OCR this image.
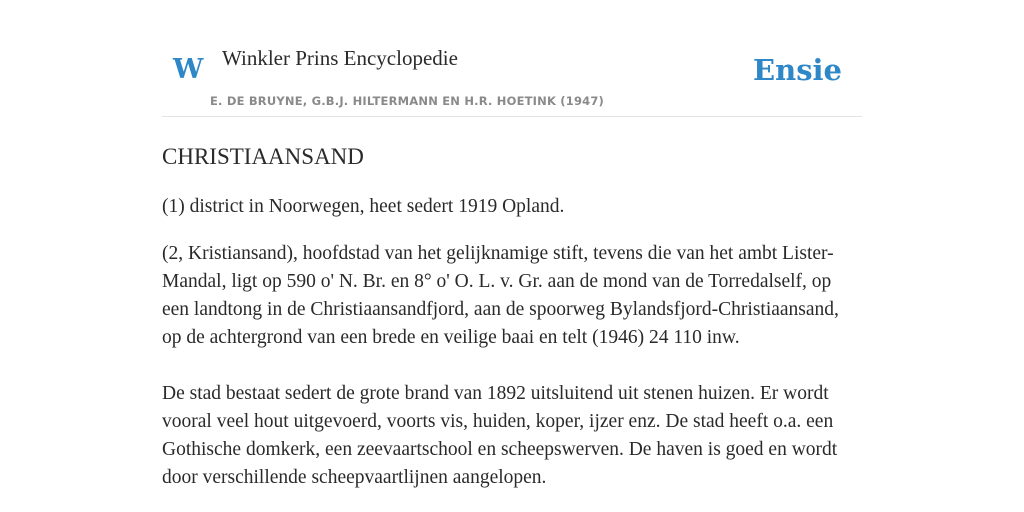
W Winkler Prins Encyclopedie
E. DE BRUYNE, G.B.J. HILTERMANN EN H.R. HOETINK (1947)
Ensie
CHRISTIAANSAND

(1) district in Noorwegen, heet sedert 1919 Opland.

(2, Kristiansand), hoofdstad van het gelijknamige stift, tevens die van het ambt Lister-Mandal, ligt op 590 o' N. Br. en 8° o' O. L. v. Gr. aan de mond van de Torredalself, op een landtong in de Christiaansandfjord, aan de spoorweg Bylandsfjord-Christiaansand, op de achtergrond van een brede en veilige baai en telt (1946) 24 110 inw.

De stad bestaat sedert de grote brand van 1892 uitsluitend uit stenen huizen. Er wordt vooral veel hout uitgevoerd, voorts vis, huiden, koper, ijzer enz. De stad heeft o.a. een Gothische domkerk, een zeevaartschool en scheepswerven. De haven is goed en wordt door verschillende scheepvaartlijnen aangelopen.
